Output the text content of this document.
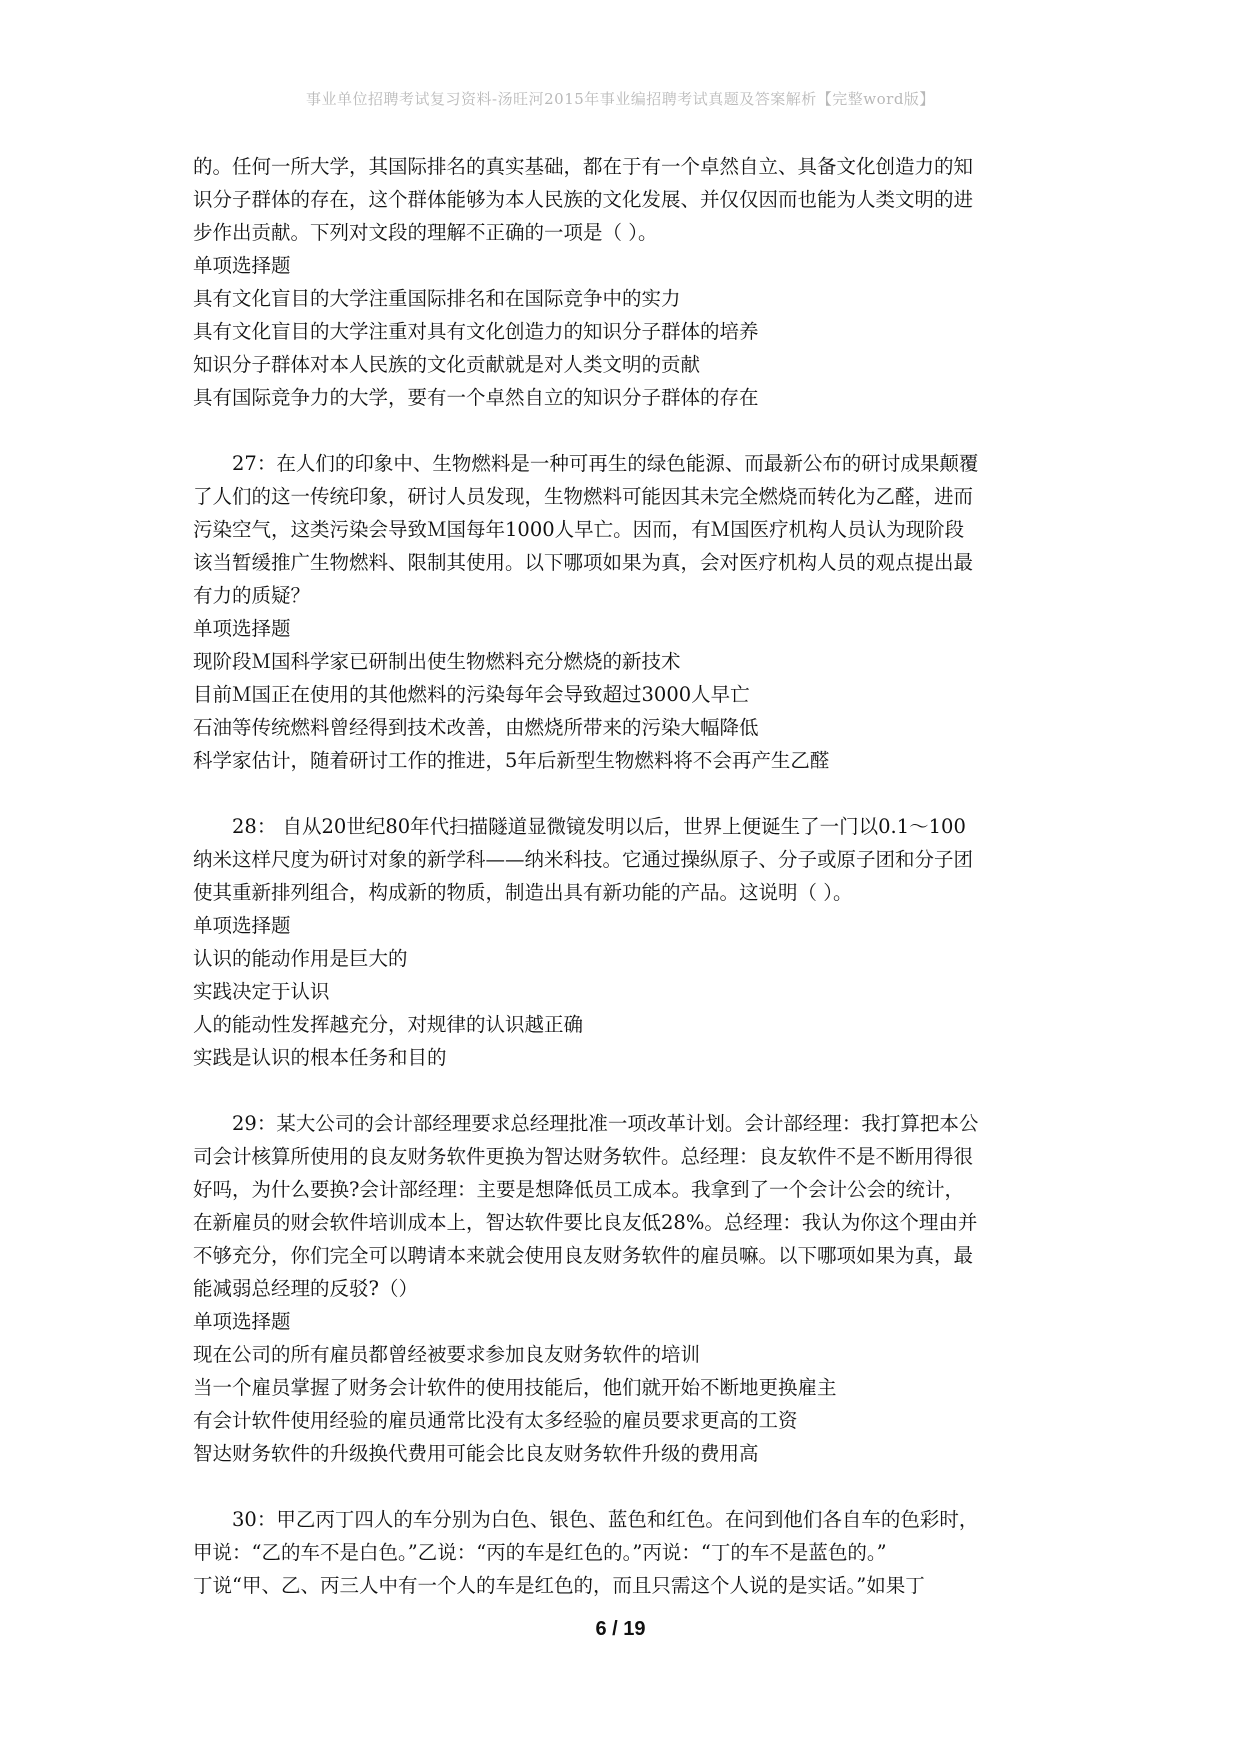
事业单位招聘考试复习资料-汤旺河2015年事业编招聘考试真题及答案解析【完整word版】
的。任何一所大学，其国际排名的真实基础，都在于有一个卓然自立、具备文化创造力的知
识分子群体的存在，这个群体能够为本人民族的文化发展、并仅仅因而也能为人类文明的进
步作出贡献。下列对文段的理解不正确的一项是（ ）。
单项选择题
具有文化盲目的大学注重国际排名和在国际竞争中的实力
具有文化盲目的大学注重对具有文化创造力的知识分子群体的培养
知识分子群体对本人民族的文化贡献就是对人类文明的贡献
具有国际竞争力的大学，要有一个卓然自立的知识分子群体的存在
27：在人们的印象中、生物燃料是一种可再生的绿色能源、而最新公布的研讨成果颠覆
了人们的这一传统印象，研讨人员发现，生物燃料可能因其未完全燃烧而转化为乙醛，进而
污染空气，这类污染会导致Ｍ国每年1000人早亡。因而，有Ｍ国医疗机构人员认为现阶段
该当暂缓推广生物燃料、限制其使用。以下哪项如果为真，会对医疗机构人员的观点提出最
有力的质疑？
单项选择题
现阶段Ｍ国科学家已研制出使生物燃料充分燃烧的新技术
目前Ｍ国正在使用的其他燃料的污染每年会导致超过3000人早亡
石油等传统燃料曾经得到技术改善，由燃烧所带来的污染大幅降低
科学家估计，随着研讨工作的推进，5年后新型生物燃料将不会再产生乙醛
28： 自从20世纪80年代扫描隧道显微镜发明以后，世界上便诞生了一门以0.1～100
纳米这样尺度为研讨对象的新学科——纳米科技。它通过操纵原子、分子或原子团和分子团
使其重新排列组合，构成新的物质，制造出具有新功能的产品。这说明（ ）。
单项选择题
认识的能动作用是巨大的
实践决定于认识
人的能动性发挥越充分，对规律的认识越正确
实践是认识的根本任务和目的
29：某大公司的会计部经理要求总经理批准一项改革计划。会计部经理：我打算把本公
司会计核算所使用的良友财务软件更换为智达财务软件。总经理：良友软件不是不断用得很
好吗，为什么要换?会计部经理：主要是想降低员工成本。我拿到了一个会计公会的统计，
在新雇员的财会软件培训成本上，智达软件要比良友低28%。总经理：我认为你这个理由并
不够充分，你们完全可以聘请本来就会使用良友财务软件的雇员嘛。以下哪项如果为真，最
能减弱总经理的反驳?（）
单项选择题
现在公司的所有雇员都曾经被要求参加良友财务软件的培训
当一个雇员掌握了财务会计软件的使用技能后，他们就开始不断地更换雇主
有会计软件使用经验的雇员通常比没有太多经验的雇员要求更高的工资
智达财务软件的升级换代费用可能会比良友财务软件升级的费用高
30：甲乙丙丁四人的车分别为白色、银色、蓝色和红色。在问到他们各自车的色彩时，
甲说：“乙的车不是白色。”乙说：“丙的车是红色的。”丙说：“丁的车不是蓝色的。”
丁说“甲、乙、丙三人中有一个人的车是红色的，而且只需这个人说的是实话。”如果丁
6 / 19
